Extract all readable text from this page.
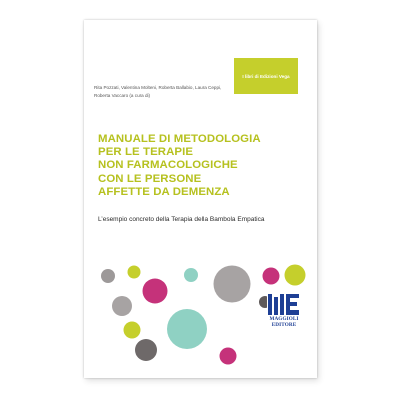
I libri di Edizioni Vega
Rita Pozzati, Valentina Molteni, Roberta Ballabio, Laura Ceppi,
Roberta Vaccaro (a cura di)
MANUALE DI METODOLOGIA
PER LE TERAPIE
NON FARMACOLOGICHE
CON LE PERSONE
AFFETTE DA DEMENZA
L’esempio concreto della Terapia della Bambola Empatica
MAGGIOLI
EDITORE
